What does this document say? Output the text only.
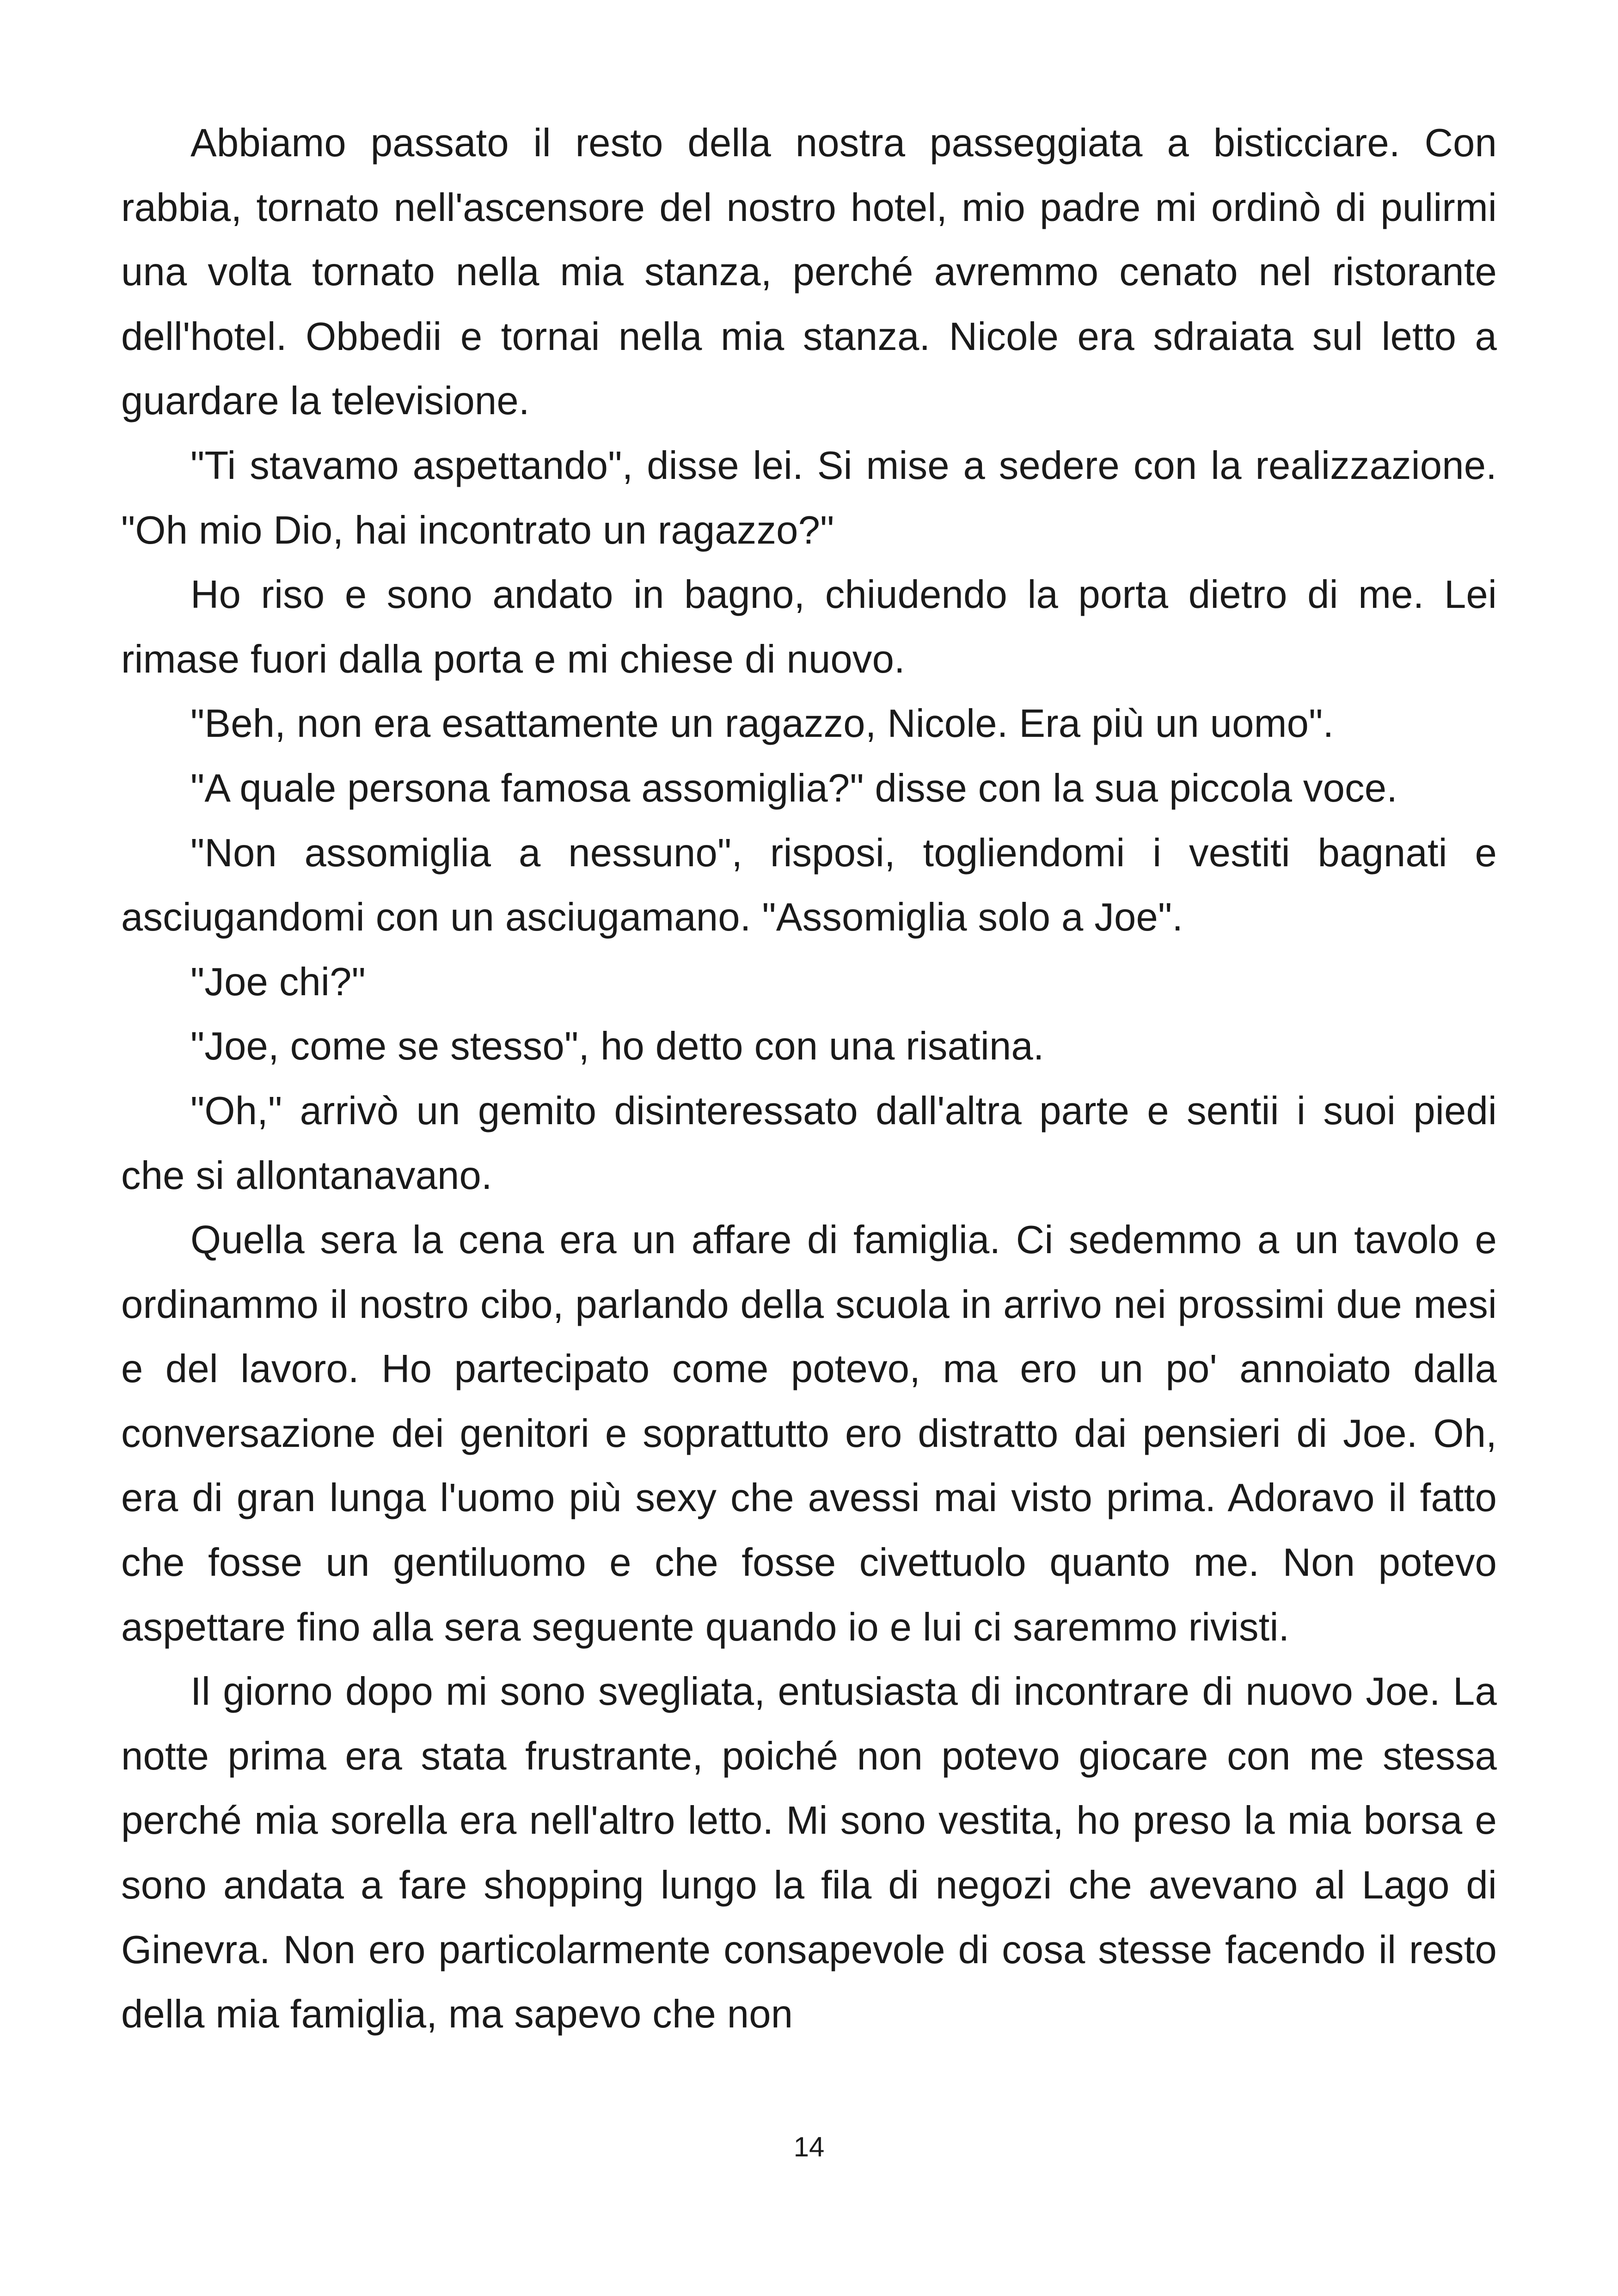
Abbiamo passato il resto della nostra passeggiata a bisticciare. Con rabbia, tornato nell'ascensore del nostro hotel, mio padre mi ordinò di pulirmi una volta tornato nella mia stanza, perché avremmo cenato nel ristorante dell'hotel. Obbedii e tornai nella mia stanza. Nicole era sdraiata sul letto a guardare la televisione.

"Ti stavamo aspettando", disse lei. Si mise a sedere con la realizzazione. "Oh mio Dio, hai incontrato un ragazzo?"

Ho riso e sono andato in bagno, chiudendo la porta dietro di me. Lei rimase fuori dalla porta e mi chiese di nuovo.

"Beh, non era esattamente un ragazzo, Nicole. Era più un uomo".

"A quale persona famosa assomiglia?" disse con la sua piccola voce.

"Non assomiglia a nessuno", risposi, togliendomi i vestiti bagnati e asciugandomi con un asciugamano. "Assomiglia solo a Joe".

"Joe chi?"

"Joe, come se stesso", ho detto con una risatina.

"Oh," arrivò un gemito disinteressato dall'altra parte e sentii i suoi piedi che si allontanavano.

Quella sera la cena era un affare di famiglia. Ci sedemmo a un tavolo e ordinammo il nostro cibo, parlando della scuola in arrivo nei prossimi due mesi e del lavoro. Ho partecipato come potevo, ma ero un po' annoiato dalla conversazione dei genitori e soprattutto ero distratto dai pensieri di Joe. Oh, era di gran lunga l'uomo più sexy che avessi mai visto prima. Adoravo il fatto che fosse un gentiluomo e che fosse civettuolo quanto me. Non potevo aspettare fino alla sera seguente quando io e lui ci saremmo rivisti.

Il giorno dopo mi sono svegliata, entusiasta di incontrare di nuovo Joe. La notte prima era stata frustrante, poiché non potevo giocare con me stessa perché mia sorella era nell'altro letto. Mi sono vestita, ho preso la mia borsa e sono andata a fare shopping lungo la fila di negozi che avevano al Lago di Ginevra. Non ero particolarmente consapevole di cosa stesse facendo il resto della mia famiglia, ma sapevo che non

14
